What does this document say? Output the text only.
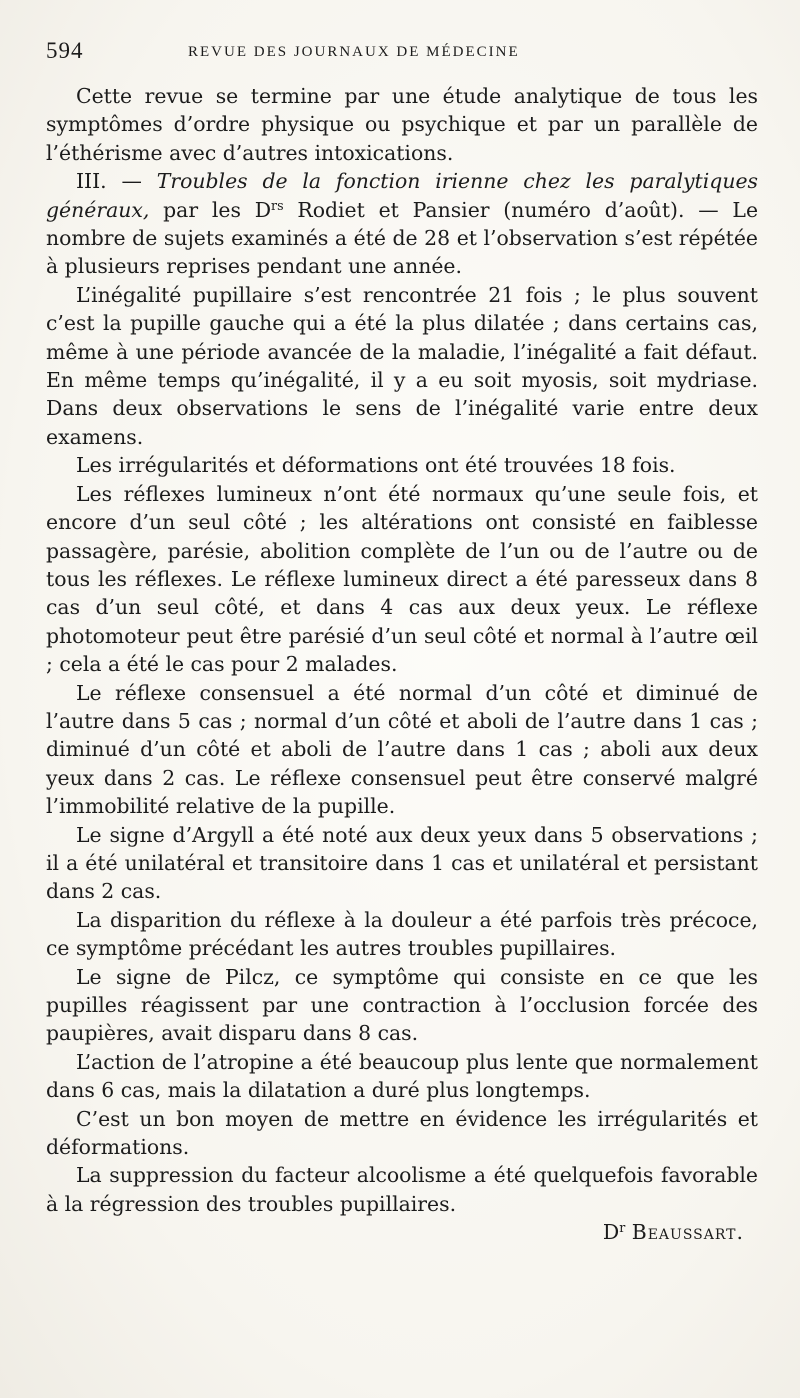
594	REVUE DES JOURNAUX DE MÉDECINE

Cette revue se termine par une étude analytique de tous les symptômes d’ordre physique ou psychique et par un parallèle de l’éthérisme avec d’autres intoxications.

III. — Troubles de la fonction irienne chez les paralytiques généraux, par les $D^{rs}$ Rodiet et Pansier (numéro d’août). — Le nombre de sujets examinés a été de 28 et l’observation s’est répétée à plusieurs reprises pendant une année.

L’inégalité pupillaire s’est rencontrée 21 fois ; le plus souvent c’est la pupille gauche qui a été la plus dilatée ; dans certains cas, même à une période avancée de la maladie, l’inégalité a fait défaut. En même temps qu’inégalité, il y a eu soit myosis, soit mydriase. Dans deux observations le sens de l’inégalité varie entre deux examens.

Les irrégularités et déformations ont été trouvées 18 fois.

Les réflexes lumineux n’ont été normaux qu’une seule fois, et encore d’un seul côté ; les altérations ont consisté en faiblesse passagère, parésie, abolition complète de l’un ou de l’autre ou de tous les réflexes. Le réflexe lumineux direct a été paresseux dans 8 cas d’un seul côté, et dans 4 cas aux deux yeux. Le réflexe photomoteur peut être parésié d’un seul côté et normal à l’autre œil ; cela a été le cas pour 2 malades.

Le réflexe consensuel a été normal d’un côté et diminué de l’autre dans 5 cas ; normal d’un côté et aboli de l’autre dans 1 cas ; diminué d’un côté et aboli de l’autre dans 1 cas ; aboli aux deux yeux dans 2 cas. Le réflexe consensuel peut être conservé malgré l’immobilité relative de la pupille.

Le signe d’Argyll a été noté aux deux yeux dans 5 observations ; il a été unilatéral et transitoire dans 1 cas et unilatéral et persistant dans 2 cas.

La disparition du réflexe à la douleur a été parfois très précoce, ce symptôme précédant les autres troubles pupillaires.

Le signe de Pilcz, ce symptôme qui consiste en ce que les pupilles réagissent par une contraction à l’occlusion forcée des paupières, avait disparu dans 8 cas.

L’action de l’atropine a été beaucoup plus lente que normalement dans 6 cas, mais la dilatation a duré plus longtemps.

C’est un bon moyen de mettre en évidence les irrégularités et déformations.

La suppression du facteur alcoolisme a été quelquefois favorable à la régression des troubles pupillaires.

$D^r$ Beaussart.
